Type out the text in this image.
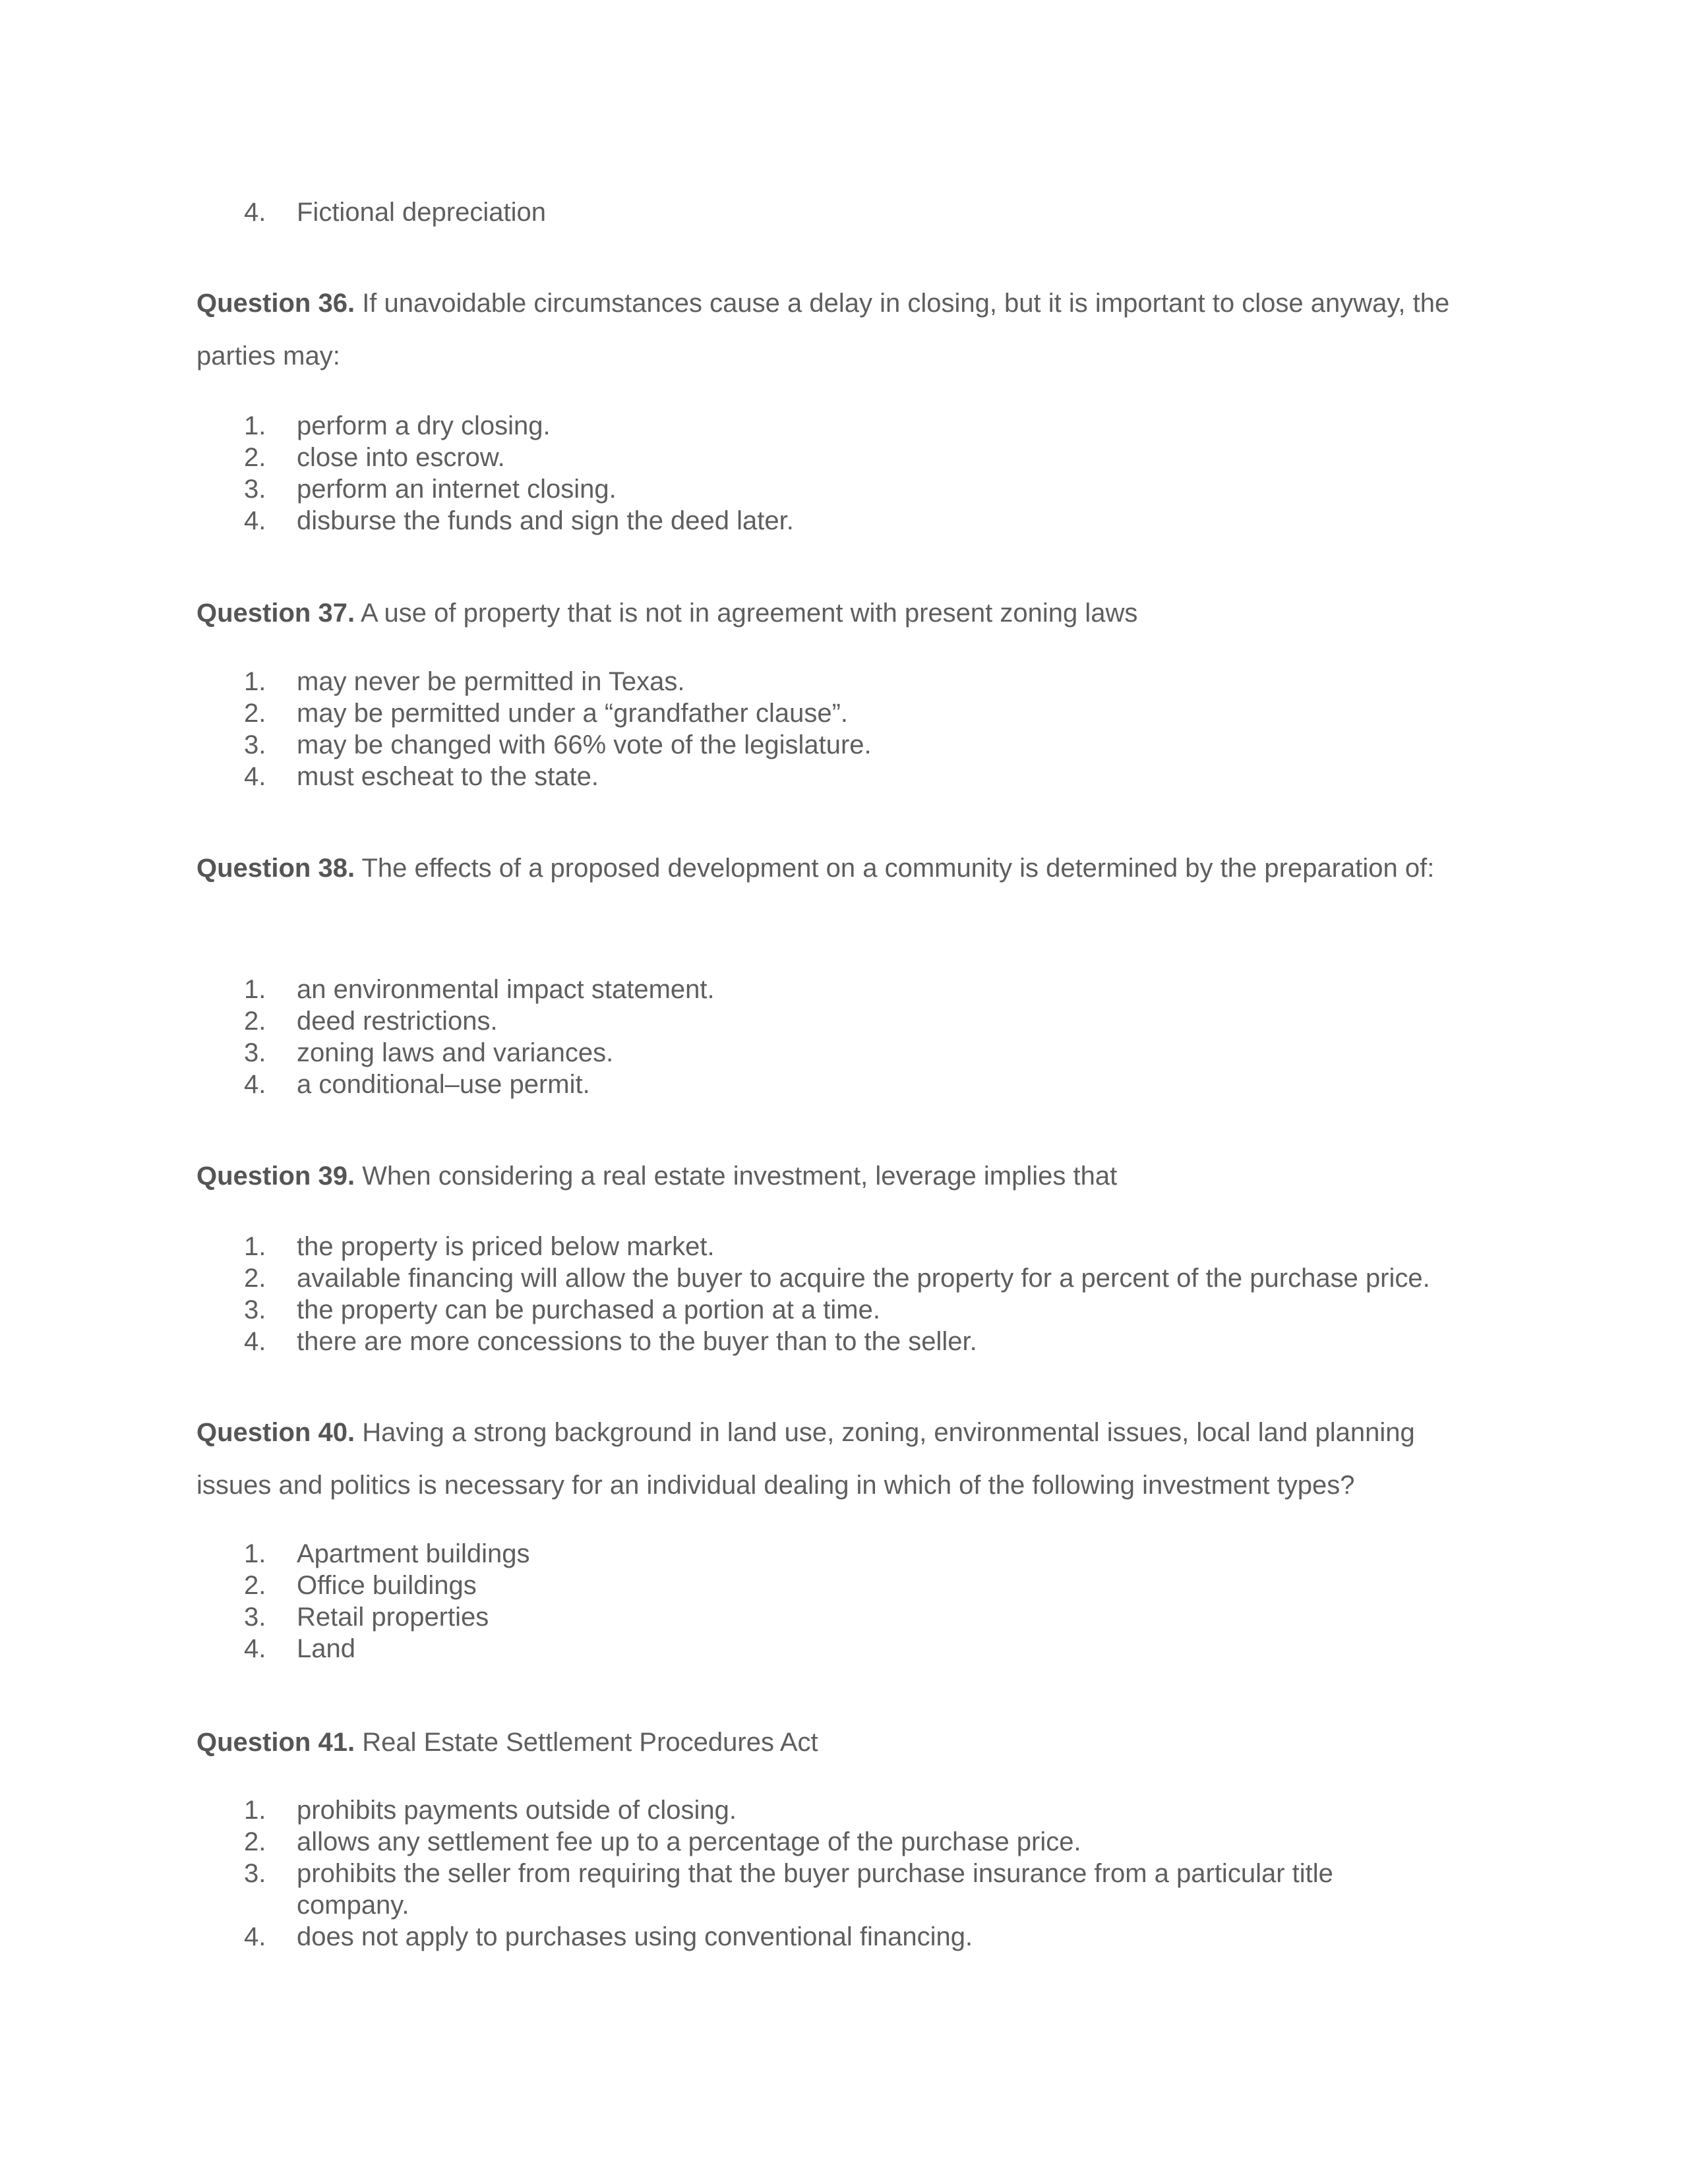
4.	Fictional depreciation

Question 36. If unavoidable circumstances cause a delay in closing, but it is important to close anyway, the parties may:

1.	perform a dry closing.
2.	close into escrow.
3.	perform an internet closing.
4.	disburse the funds and sign the deed later.

Question 37. A use of property that is not in agreement with present zoning laws

1.	may never be permitted in Texas.
2.	may be permitted under a “grandfather clause”.
3.	may be changed with 66% vote of the legislature.
4.	must escheat to the state.

Question 38. The effects of a proposed development on a community is determined by the preparation of:

1.	an environmental impact statement.
2.	deed restrictions.
3.	zoning laws and variances.
4.	a conditional–use permit.

Question 39. When considering a real estate investment, leverage implies that

1.	the property is priced below market.
2.	available financing will allow the buyer to acquire the property for a percent of the purchase price.
3.	the property can be purchased a portion at a time.
4.	there are more concessions to the buyer than to the seller.

Question 40. Having a strong background in land use, zoning, environmental issues, local land planning issues and politics is necessary for an individual dealing in which of the following investment types?

1.	Apartment buildings
2.	Office buildings
3.	Retail properties
4.	Land

Question 41. Real Estate Settlement Procedures Act

1.	prohibits payments outside of closing.
2.	allows any settlement fee up to a percentage of the purchase price.
3.	prohibits the seller from requiring that the buyer purchase insurance from a particular title company.
4.	does not apply to purchases using conventional financing.
